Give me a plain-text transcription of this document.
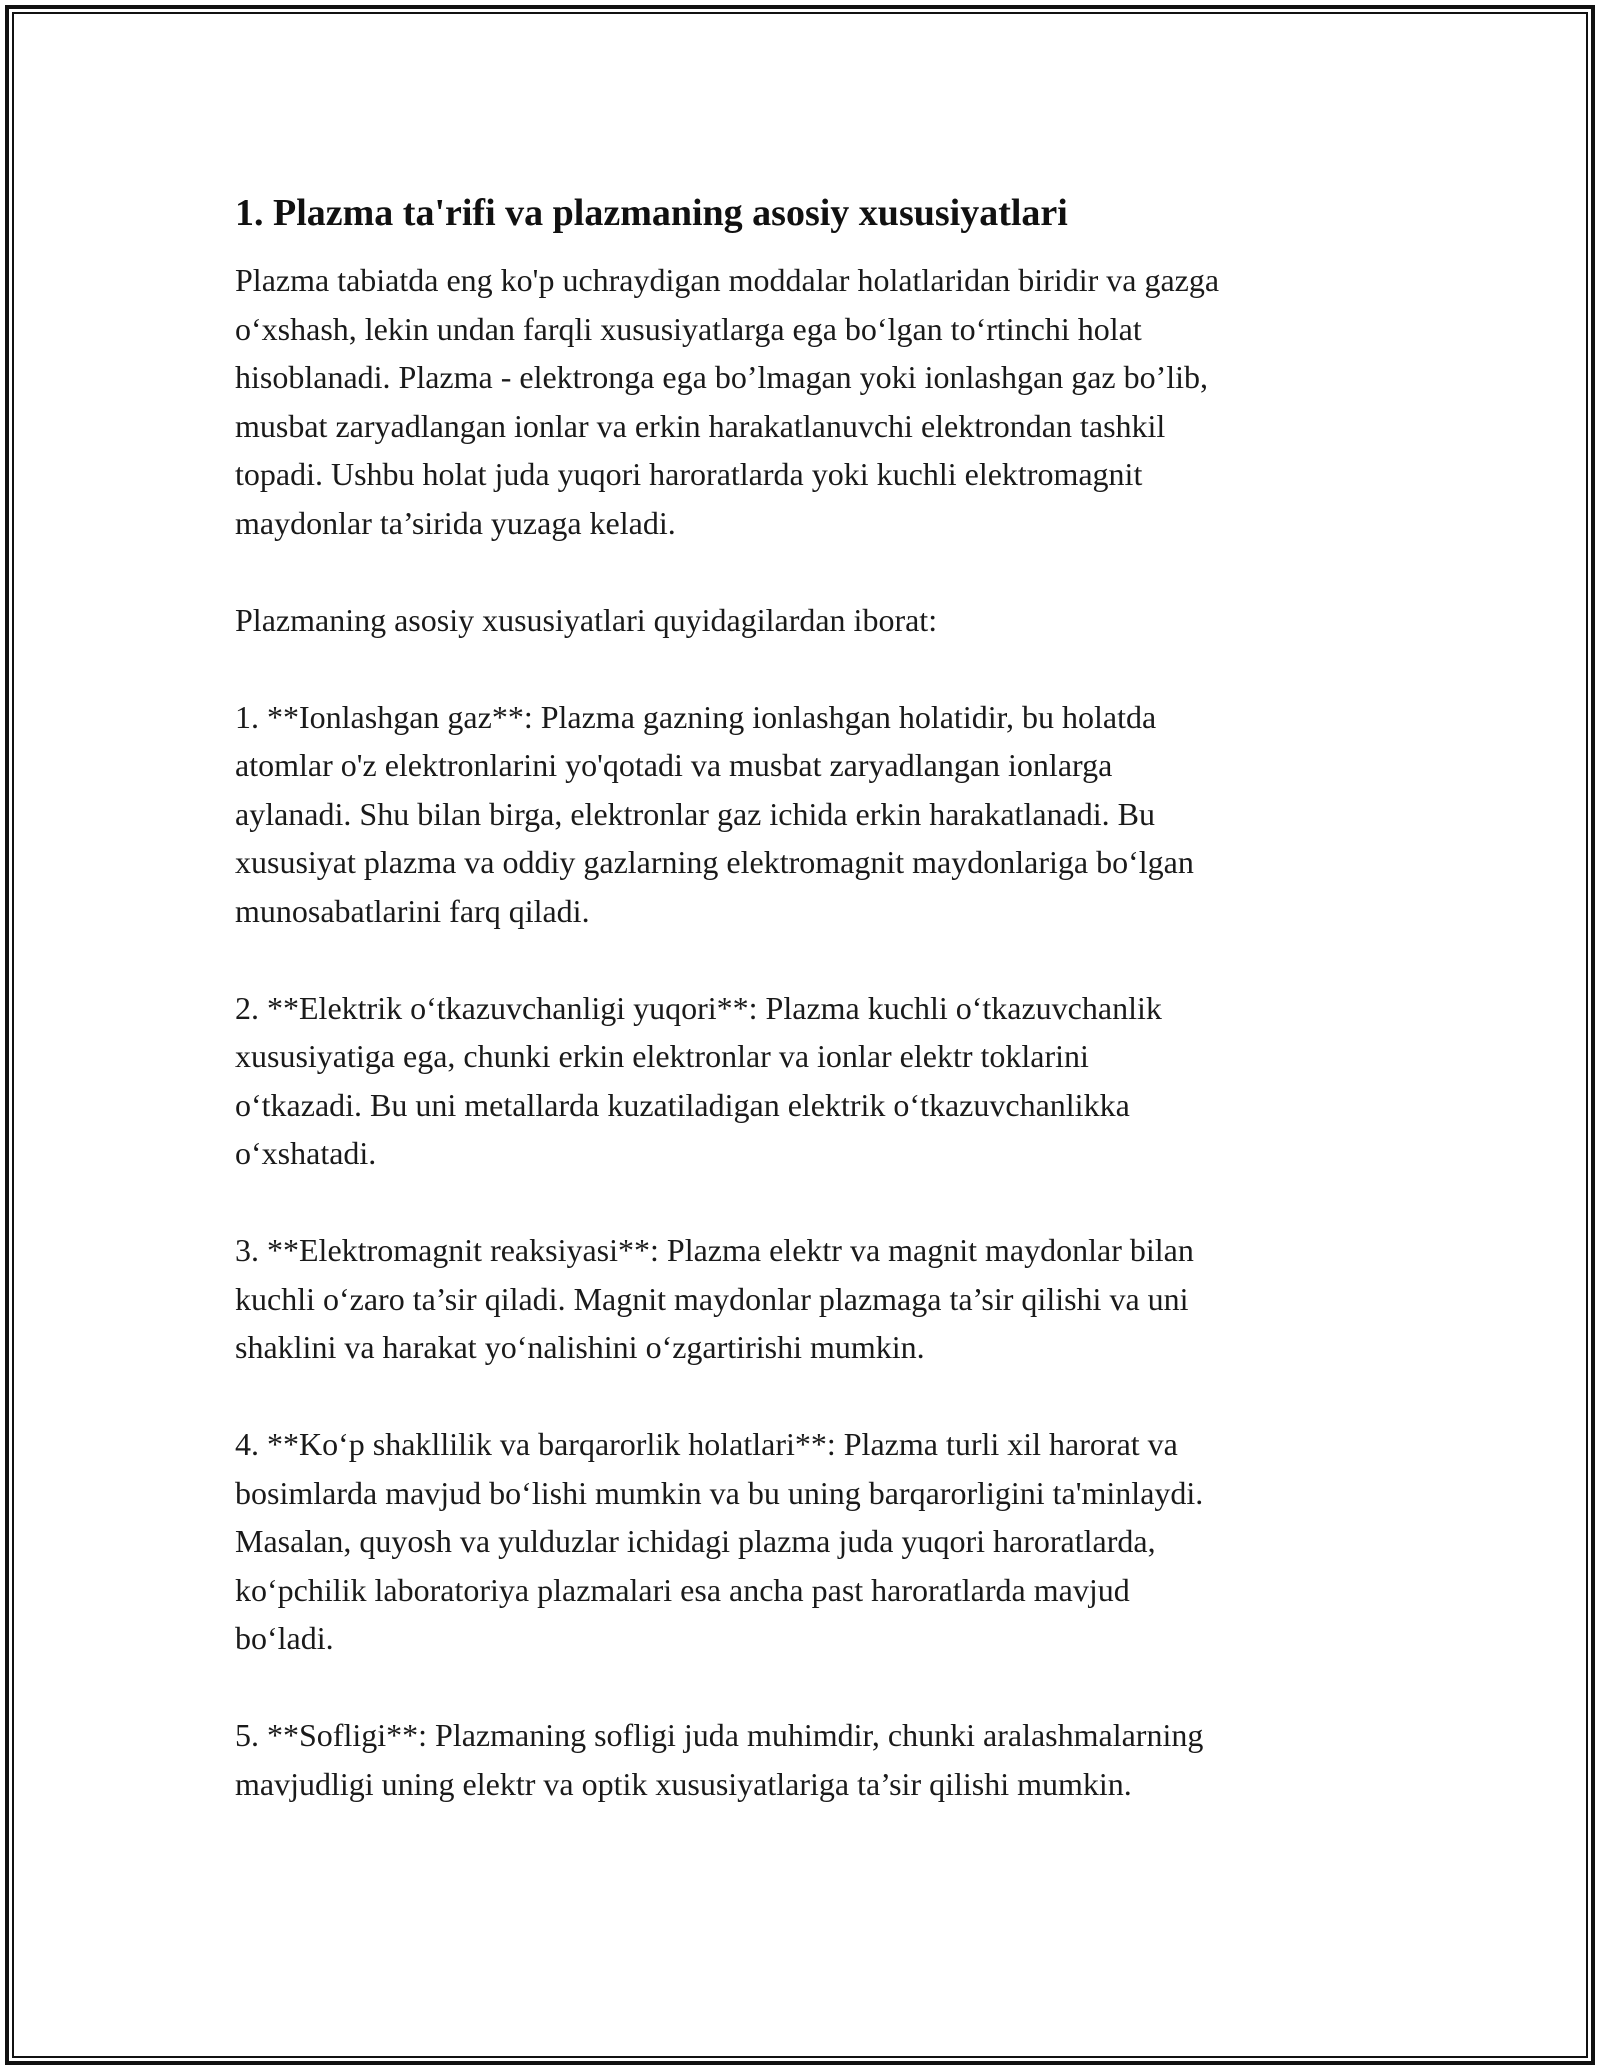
1. Plazma ta'rifi va plazmaning asosiy xususiyatlari

Plazma tabiatda eng ko'p uchraydigan moddalar holatlaridan biridir va gazga
o‘xshash, lekin undan farqli xususiyatlarga ega bo‘lgan to‘rtinchi holat
hisoblanadi. Plazma - elektronga ega bo’lmagan yoki ionlashgan gaz bo’lib,
musbat zaryadlangan ionlar va erkin harakatlanuvchi elektrondan tashkil
topadi. Ushbu holat juda yuqori haroratlarda yoki kuchli elektromagnit
maydonlar ta’sirida yuzaga keladi.

Plazmaning asosiy xususiyatlari quyidagilardan iborat:

1. **Ionlashgan gaz**: Plazma gazning ionlashgan holatidir, bu holatda
atomlar o'z elektronlarini yo'qotadi va musbat zaryadlangan ionlarga
aylanadi. Shu bilan birga, elektronlar gaz ichida erkin harakatlanadi. Bu
xususiyat plazma va oddiy gazlarning elektromagnit maydonlariga bo‘lgan
munosabatlarini farq qiladi.

2. **Elektrik o‘tkazuvchanligi yuqori**: Plazma kuchli o‘tkazuvchanlik
xususiyatiga ega, chunki erkin elektronlar va ionlar elektr toklarini
o‘tkazadi. Bu uni metallarda kuzatiladigan elektrik o‘tkazuvchanlikka
o‘xshatadi.

3. **Elektromagnit reaksiyasi**: Plazma elektr va magnit maydonlar bilan
kuchli o‘zaro ta’sir qiladi. Magnit maydonlar plazmaga ta’sir qilishi va uni
shaklini va harakat yo‘nalishini o‘zgartirishi mumkin.

4. **Ko‘p shakllilik va barqarorlik holatlari**: Plazma turli xil harorat va
bosimlarda mavjud bo‘lishi mumkin va bu uning barqarorligini ta'minlaydi.
Masalan, quyosh va yulduzlar ichidagi plazma juda yuqori haroratlarda,
ko‘pchilik laboratoriya plazmalari esa ancha past haroratlarda mavjud
bo‘ladi.

5. **Sofligi**: Plazmaning sofligi juda muhimdir, chunki aralashmalarning
mavjudligi uning elektr va optik xususiyatlariga ta’sir qilishi mumkin.
